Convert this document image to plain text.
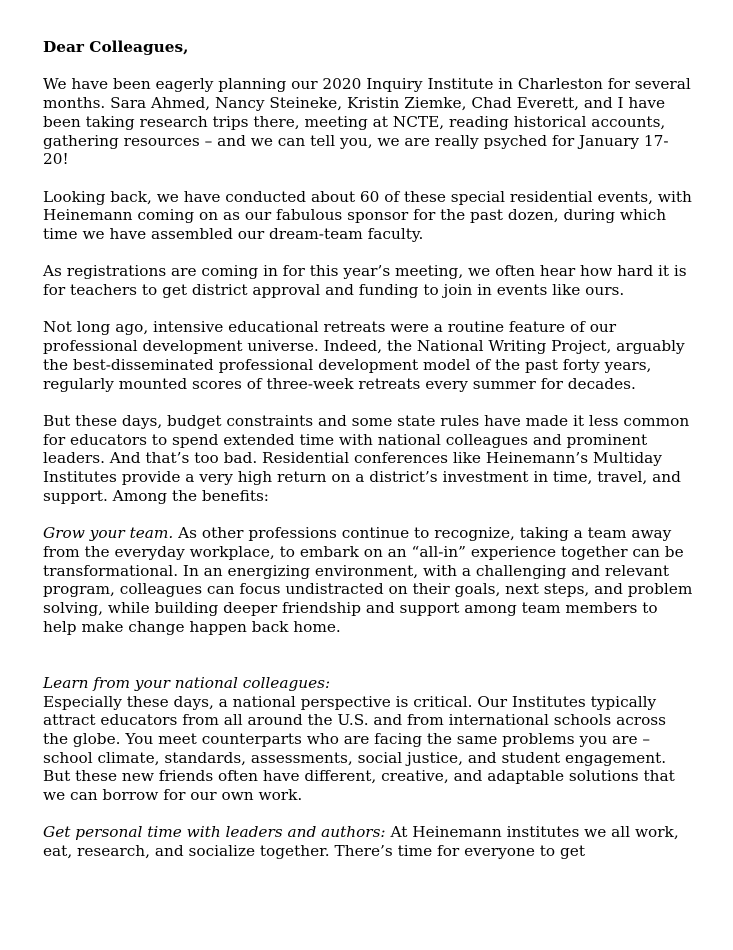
Dear Colleagues,

We have been eagerly planning our 2020 Inquiry Institute in Charleston for several months. Sara Ahmed, Nancy Steineke, Kristin Ziemke, Chad Everett, and I have been taking research trips there, meeting at NCTE, reading historical accounts, gathering resources – and we can tell you, we are really psyched for January 17-20!

Looking back, we have conducted about 60 of these special residential events, with Heinemann coming on as our fabulous sponsor for the past dozen, during which time we have assembled our dream-team faculty.

As registrations are coming in for this year’s meeting, we often hear how hard it is for teachers to get district approval and funding to join in events like ours.

Not long ago, intensive educational retreats were a routine feature of our professional development universe. Indeed, the National Writing Project, arguably the best-disseminated professional development model of the past forty years, regularly mounted scores of three-week retreats every summer for decades.

But these days, budget constraints and some state rules have made it less common for educators to spend extended time with national colleagues and prominent leaders. And that’s too bad. Residential conferences like Heinemann’s Multiday Institutes provide a very high return on a district’s investment in time, travel, and support. Among the benefits:

Grow your team. As other professions continue to recognize, taking a team away from the everyday workplace, to embark on an “all-in” experience together can be transformational. In an energizing environment, with a challenging and relevant program, colleagues can focus undistracted on their goals, next steps, and problem solving, while building deeper friendship and support among team members to help make change happen back home.

Learn from your national colleagues:
Especially these days, a national perspective is critical. Our Institutes typically attract educators from all around the U.S. and from international schools across the globe. You meet counterparts who are facing the same problems you are – school climate, standards, assessments, social justice, and student engagement. But these new friends often have different, creative, and adaptable solutions that we can borrow for our own work.

Get personal time with leaders and authors: At Heinemann institutes we all work, eat, research, and socialize together. There’s time for everyone to get
